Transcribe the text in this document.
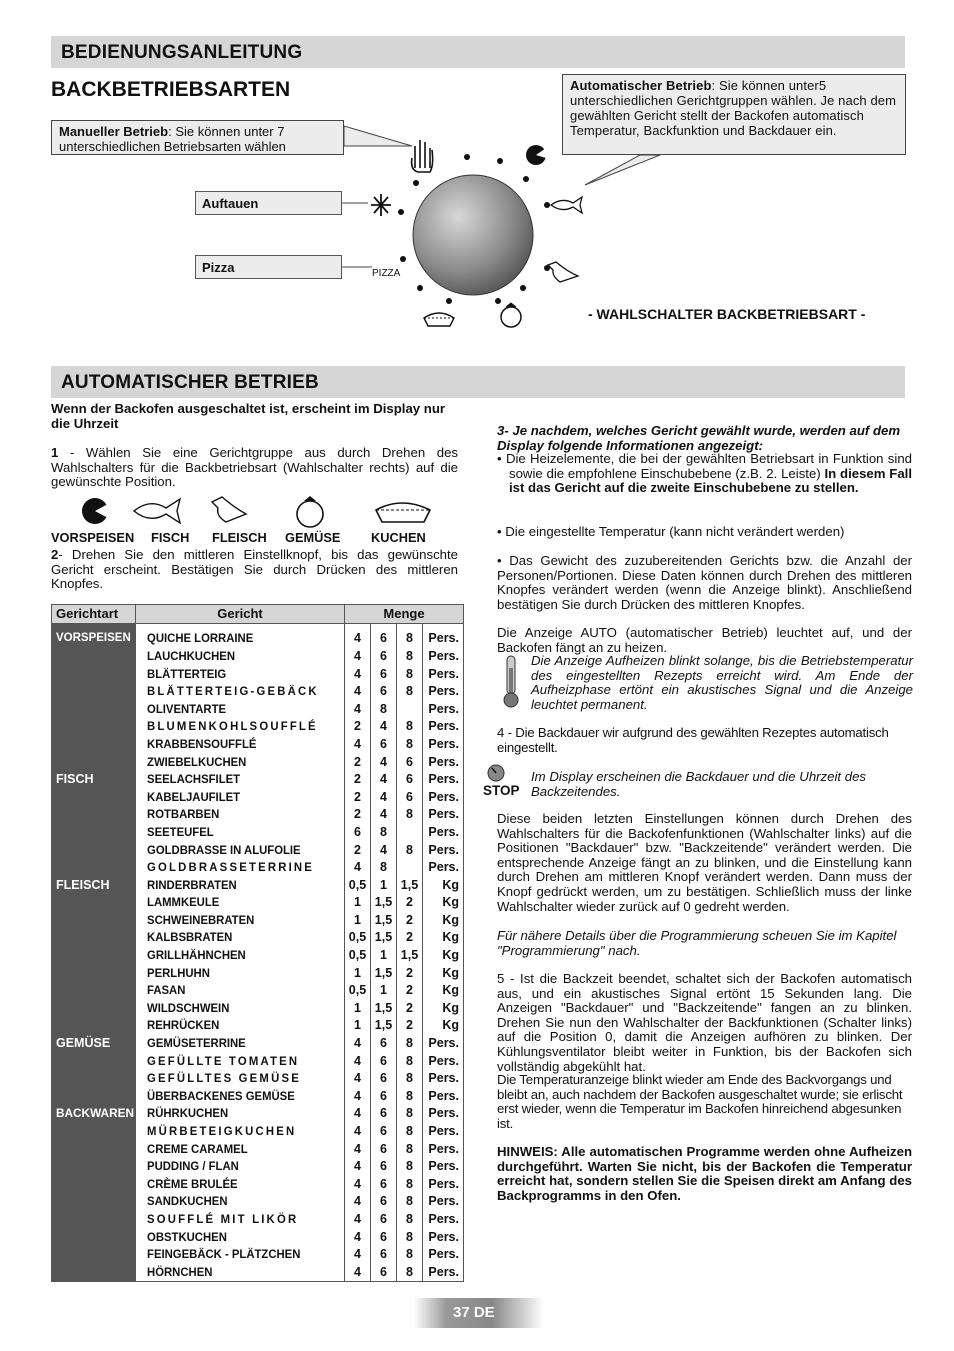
BEDIENUNGSANLEITUNG
BACKBETRIEBSARTEN	Automatischer Betrieb: Sie können unter5 unterschiedlichen Gerichtgruppen wählen. Je nach dem gewählten Gericht stellt der Backofen automatisch Temperatur, Backfunktion und Backdauer ein.
Manueller Betrieb: Sie können unter 7 unterschiedlichen Betriebsarten wählen
Auftauen
Pizza	PIZZA
- WAHLSCHALTER BACKBETRIEBSART -
AUTOMATISCHER BETRIEB
Wenn der Backofen ausgeschaltet ist, erscheint im Display nur die Uhrzeit
1 - Wählen Sie eine Gerichtgruppe aus durch Drehen des Wahlschalters für die Backbetriebsart (Wahlschalter rechts) auf die gewünschte Position.
VORSPEISEN FISCH FLEISCH GEMÜSE KUCHEN
2- Drehen Sie den mittleren Einstellknopf, bis das gewünschte Gericht erscheint. Bestätigen Sie durch Drücken des mittleren Knopfes.
Gerichtart	Gericht	Menge			

VORSPEISEN	QUICHE LORRAINE	4	6	8	Pers.
	LAUCHKUCHEN	4	6	8	Pers.
	BLÄTTERTEIG	4	6	8	Pers.
	BLÄTTERTEIG-GEBÄCK	4	6	8	Pers.
	OLIVENTARTE	4	8		Pers.
	BLUMENKOHLSOUFFLÉ	2	4	8	Pers.
	KRABBENSOUFFLÉ	4	6	8	Pers.
	ZWIEBELKUCHEN	2	4	6	Pers.
FISCH	SEELACHSFILET	2	4	6	Pers.
	KABELJAUFILET	2	4	6	Pers.
	ROTBARBEN	2	4	8	Pers.
	SEETEUFEL	6	8		Pers.
	GOLDBRASSE IN ALUFOLIE	2	4	8	Pers.
	GOLDBRASSETERRINE	4	8		Pers.
FLEISCH	RINDERBRATEN	0,5	1	1,5	Kg
	LAMMKEULE	1	1,5	2	Kg
	SCHWEINEBRATEN	1	1,5	2	Kg
	KALBSBRATEN	0,5	1,5	2	Kg
	GRILLHÄHNCHEN	0,5	1	1,5	Kg
	PERLHUHN	1	1,5	2	Kg
	FASAN	0,5	1	2	Kg
	WILDSCHWEIN	1	1,5	2	Kg
	REHRÜCKEN	1	1,5	2	Kg
GEMÜSE	GEMÜSETERRINE	4	6	8	Pers.
	GEFÜLLTE TOMATEN	4	6	8	Pers.
	GEFÜLLTES GEMÜSE	4	6	8	Pers.
	ÜBERBACKENES GEMÜSE	4	6	8	Pers.
BACKWAREN	RÜHRKUCHEN	4	6	8	Pers.
	MÜRBETEIGKUCHEN	4	6	8	Pers.
	CREME CARAMEL	4	6	8	Pers.
	PUDDING / FLAN	4	6	8	Pers.
	CRÈME BRULÉE	4	6	8	Pers.
	SANDKUCHEN	4	6	8	Pers.
	SOUFFLÉ MIT LIKÖR	4	6	8	Pers.
	OBSTKUCHEN	4	6	8	Pers.
	FEINGEBÄCK - PLÄTZCHEN	4	6	8	Pers.
	HÖRNCHEN	4	6	8	Pers.
3- Je nachdem, welches Gericht gewählt wurde, werden auf dem Display folgende Informationen angezeigt:
• Die Heizelemente, die bei der gewählten Betriebsart in Funktion sind sowie die empfohlene Einschubebene (z.B. 2. Leiste) In diesem Fall ist das Gericht auf die zweite Einschubebene zu stellen.
• Die eingestellte Temperatur (kann nicht verändert werden)
• Das Gewicht des zuzubereitenden Gerichts bzw. die Anzahl der Personen/Portionen. Diese Daten können durch Drehen des mittleren Knopfes verändert werden (wenn die Anzeige blinkt). Anschließend bestätigen Sie durch Drücken des mittleren Knopfes.
Die Anzeige AUTO (automatischer Betrieb) leuchtet auf, und der Backofen fängt an zu heizen.
Die Anzeige Aufheizen blinkt solange, bis die Betriebstemperatur des eingestellten Rezepts erreicht wird. Am Ende der Aufheizphase ertönt ein akustisches Signal und die Anzeige leuchtet permanent.
4 - Die Backdauer wir aufgrund des gewählten Rezeptes automatisch eingestellt.
STOP
Im Display erscheinen die Backdauer und die Uhrzeit des Backzeitendes.
Diese beiden letzten Einstellungen können durch Drehen des Wahlschalters für die Backofenfunktionen (Wahlschalter links) auf die Positionen "Backdauer" bzw. "Backzeitende" verändert werden. Die entsprechende Anzeige fängt an zu blinken, und die Einstellung kann durch Drehen am mittleren Knopf verändert werden. Dann muss der Knopf gedrückt werden, um zu bestätigen. Schließlich muss der linke Wahlschalter wieder zurück auf 0 gedreht werden.
Für nähere Details über die Programmierung scheuen Sie im Kapitel "Programmierung" nach.
5 - Ist die Backzeit beendet, schaltet sich der Backofen automatisch aus, und ein akustisches Signal ertönt 15 Sekunden lang. Die Anzeigen "Backdauer" und "Backzeitende" fangen an zu blinken. Drehen Sie nun den Wahlschalter der Backfunktionen (Schalter links) auf die Position 0, damit die Anzeigen aufhören zu blinken. Der Kühlungsventilator bleibt weiter in Funktion, bis der Backofen sich vollständig abgekühlt hat.
Die Temperaturanzeige blinkt wieder am Ende des Backvorgangs und bleibt an, auch nachdem der Backofen ausgeschaltet wurde; sie erlischt erst wieder, wenn die Temperatur im Backofen hinreichend abgesunken ist.
HINWEIS: Alle automatischen Programme werden ohne Aufheizen durchgeführt. Warten Sie nicht, bis der Backofen die Temperatur erreicht hat, sondern stellen Sie die Speisen direkt am Anfang des Backprogramms in den Ofen.
37 DE
